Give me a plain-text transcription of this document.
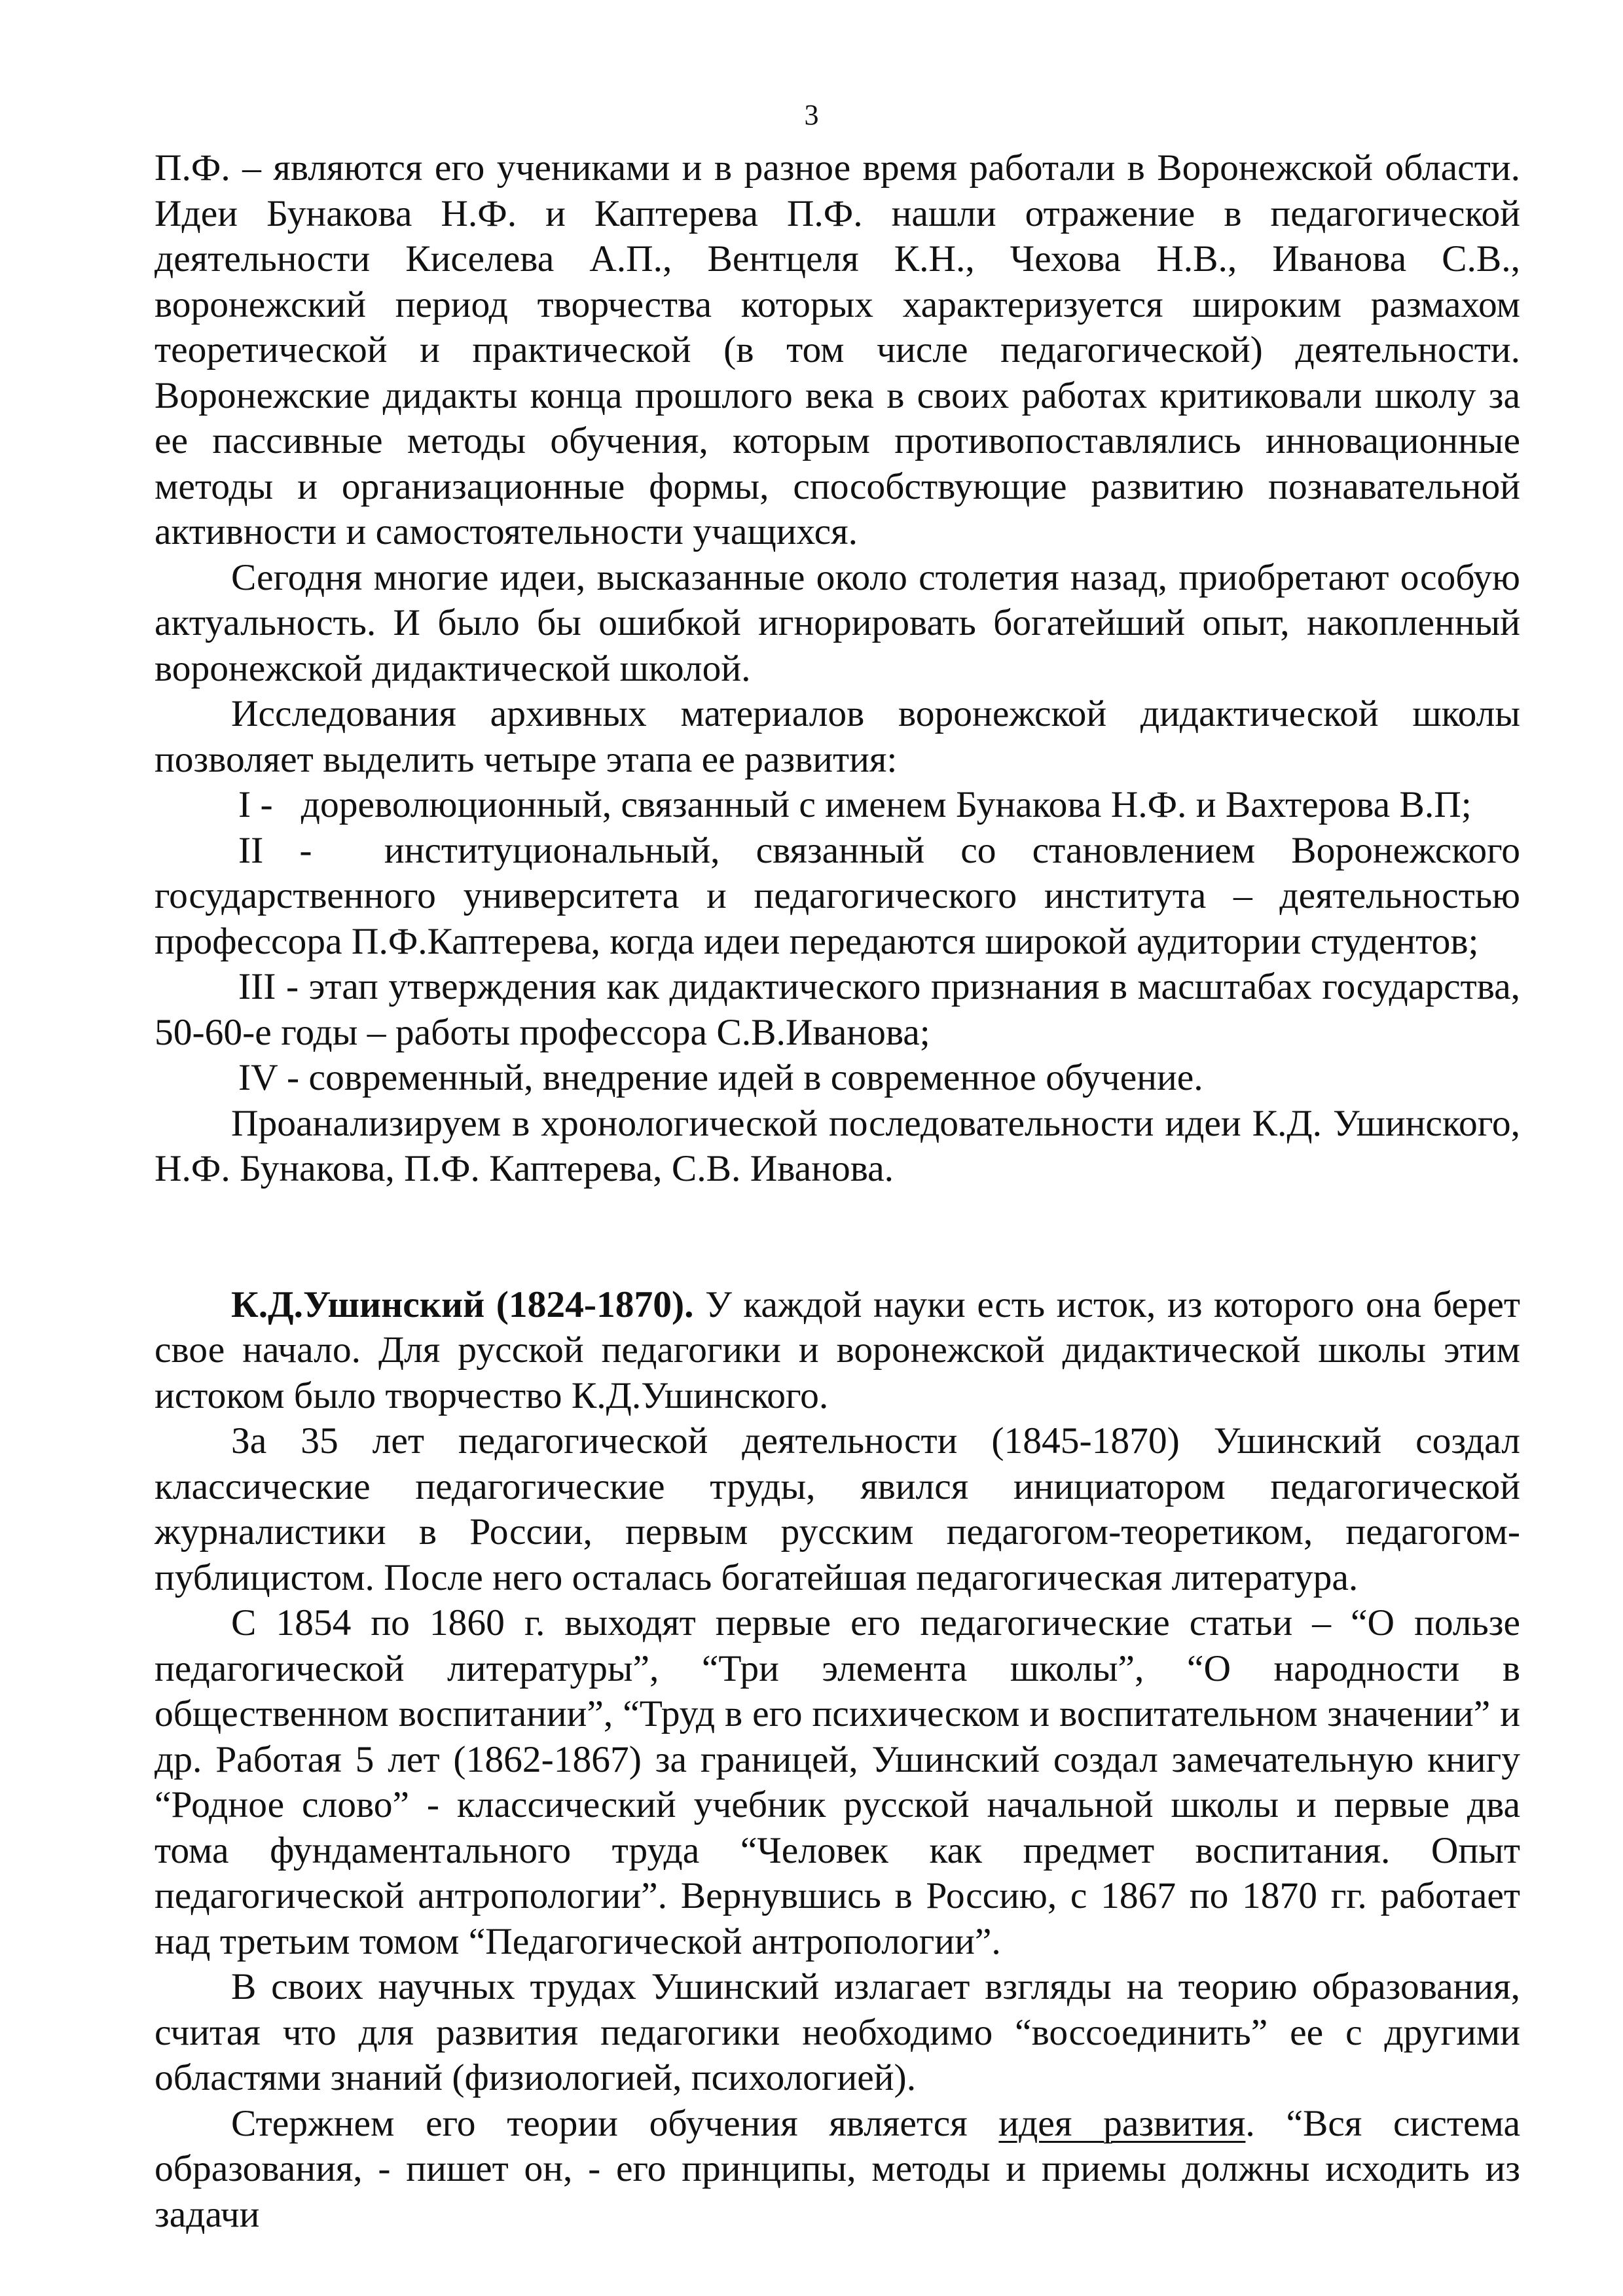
3

П.Ф. – являются его учениками и в разное время работали в Воронежской области. Идеи Бунакова Н.Ф. и Каптерева П.Ф. нашли отражение в педагогической деятельности Киселева А.П., Вентцеля К.Н., Чехова Н.В., Иванова С.В., воронежский период творчества которых характеризуется широким размахом теоретической и практической (в том числе педагогической) деятельности. Воронежские дидакты конца прошлого века в своих работах критиковали школу за ее пассивные методы обучения, которым противопоставлялись инновационные методы и организационные формы, способствующие развитию познавательной активности и самостоятельности учащихся.

Сегодня многие идеи, высказанные около столетия назад, приобретают особую актуальность. И было бы ошибкой игнорировать богатейший опыт, накопленный воронежской дидактической школой.

Исследования архивных материалов воронежской дидактической школы позволяет выделить четыре этапа ее развития:

I - дореволюционный, связанный с именем Бунакова Н.Ф. и Вахтерова В.П;

II - институциональный, связанный со становлением Воронежского государственного университета и педагогического института – деятельностью профессора П.Ф.Каптерева, когда идеи передаются широкой аудитории студентов;

III - этап утверждения как дидактического признания в масштабах государства, 50-60-е годы – работы профессора С.В.Иванова;

IV - современный, внедрение идей в современное обучение.

Проанализируем в хронологической последовательности идеи К.Д. Ушинского, Н.Ф. Бунакова, П.Ф. Каптерева, С.В. Иванова.

К.Д.Ушинский (1824-1870). У каждой науки есть исток, из которого она берет свое начало. Для русской педагогики и воронежской дидактической школы этим истоком было творчество К.Д.Ушинского.

За 35 лет педагогической деятельности (1845-1870) Ушинский создал классические педагогические труды, явился инициатором педагогической журналистики в России, первым русским педагогом-теоретиком, педагогом-публицистом. После него осталась богатейшая педагогическая литература.

С 1854 по 1860 г. выходят первые его педагогические статьи – “О пользе педагогической литературы”, “Три элемента школы”, “О народности в общественном воспитании”, “Труд в его психическом и воспитательном значении” и др. Работая 5 лет (1862-1867) за границей, Ушинский создал замечательную книгу “Родное слово” - классический учебник русской начальной школы и первые два тома фундаментального труда “Человек как предмет воспитания. Опыт педагогической антропологии”. Вернувшись в Россию, с 1867 по 1870 гг. работает над третьим томом “Педагогической антропологии”.

В своих научных трудах Ушинский излагает взгляды на теорию образования, считая что для развития педагогики необходимо “воссоединить” ее с другими областями знаний (физиологией, психологией).

Стержнем его теории обучения является идея развития. “Вся система образования, - пишет он, - его принципы, методы и приемы должны исходить из задачи
